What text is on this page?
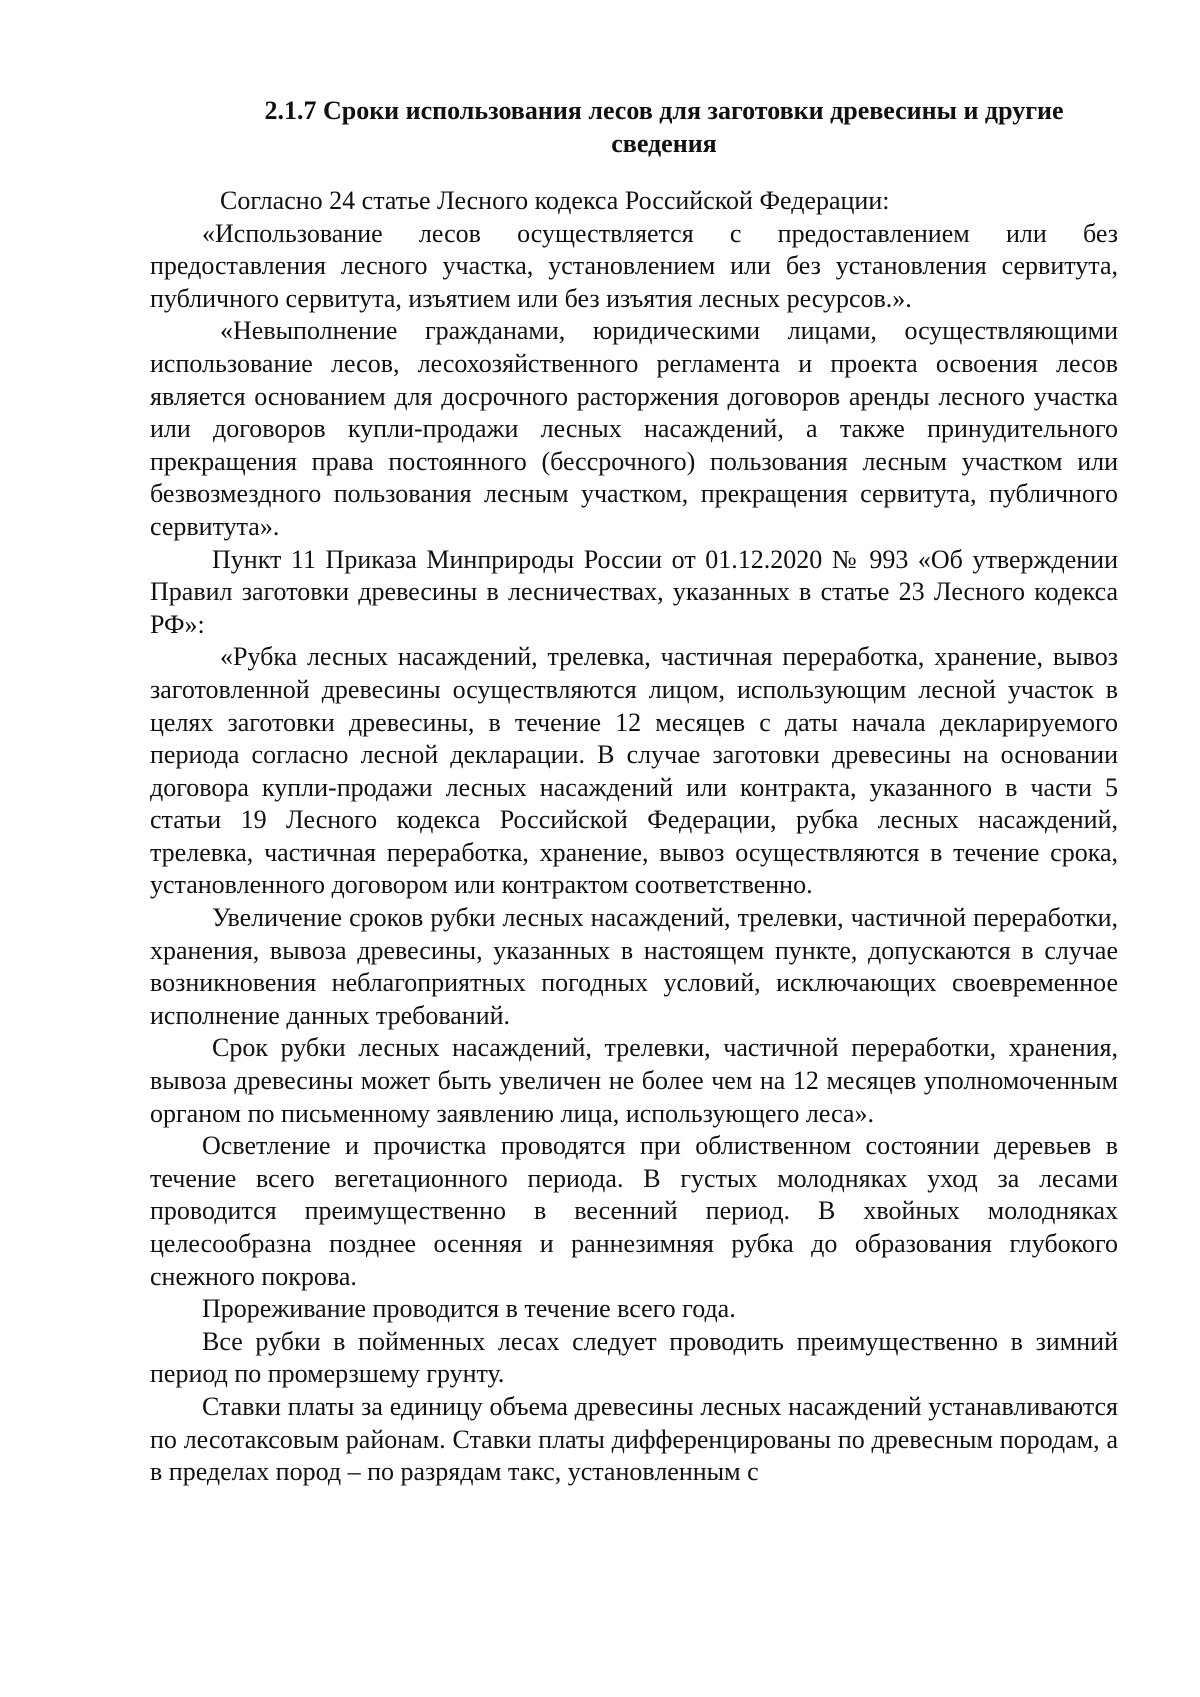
2.1.7 Сроки использования лесов для заготовки древесины и другие
сведения

Согласно 24 статье Лесного кодекса Российской Федерации:

«Использование лесов осуществляется с предоставлением или без предоставления лесного участка, установлением или без установления сервитута, публичного сервитута, изъятием или без изъятия лесных ресурсов.».

«Невыполнение гражданами, юридическими лицами, осуществляющими использование лесов, лесохозяйственного регламента и проекта освоения лесов является основанием для досрочного расторжения договоров аренды лесного участка или договоров купли-продажи лесных насаждений, а также принудительного прекращения права постоянного (бессрочного) пользования лесным участком или безвозмездного пользования лесным участком, прекращения сервитута, публичного сервитута».

Пункт 11 Приказа Минприроды России от 01.12.2020 № 993 «Об утверждении Правил заготовки древесины в лесничествах, указанных в статье 23 Лесного кодекса РФ»:

«Рубка лесных насаждений, трелевка, частичная переработка, хранение, вывоз заготовленной древесины осуществляются лицом, использующим лесной участок в целях заготовки древесины, в течение 12 месяцев с даты начала декларируемого периода согласно лесной декларации. В случае заготовки древесины на основании договора купли-продажи лесных насаждений или контракта, указанного в части 5 статьи 19 Лесного кодекса Российской Федерации, рубка лесных насаждений, трелевка, частичная переработка, хранение, вывоз осуществляются в течение срока, установленного договором или контрактом соответственно.

Увеличение сроков рубки лесных насаждений, трелевки, частичной переработки, хранения, вывоза древесины, указанных в настоящем пункте, допускаются в случае возникновения неблагоприятных погодных условий, исключающих своевременное исполнение данных требований.

Срок рубки лесных насаждений, трелевки, частичной переработки, хранения, вывоза древесины может быть увеличен не более чем на 12 месяцев уполномоченным органом по письменному заявлению лица, использующего леса».

Осветление и прочистка проводятся при облиственном состоянии деревьев в течение всего вегетационного периода. В густых молодняках уход за лесами проводится преимущественно в весенний период. В хвойных молодняках целесообразна позднее осенняя и раннезимняя рубка до образования глубокого снежного покрова.

Прореживание проводится в течение всего года.

Все рубки в пойменных лесах следует проводить преимущественно в зимний период по промерзшему грунту.

Ставки платы за единицу объема древесины лесных насаждений устанавливаются по лесотаксовым районам. Ставки платы дифференцированы по древесным породам, а в пределах пород – по разрядам такс, установленным с
